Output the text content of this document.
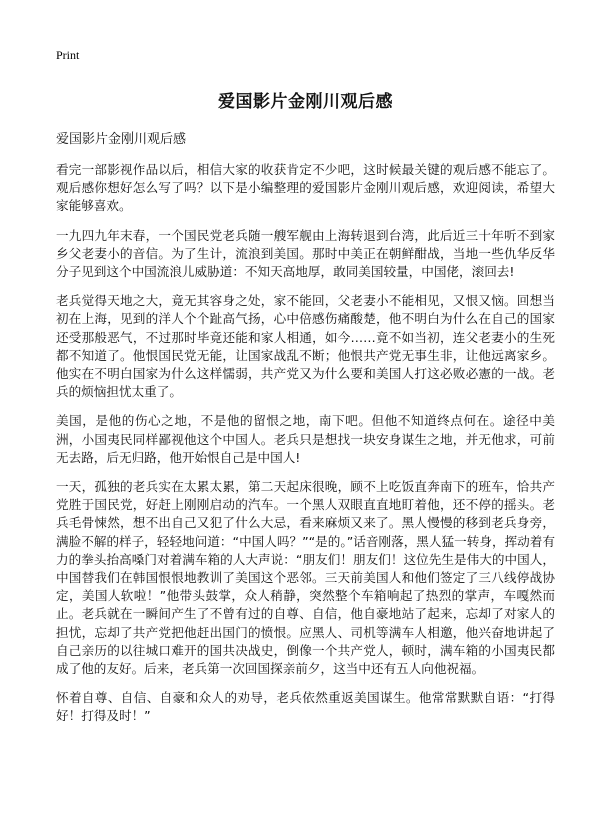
Print
爱国影片金刚川观后感
爱国影片金刚川观后感
看完一部影视作品以后，相信大家的收获肯定不少吧，这时候最关键的观后感不能忘了。观后感你想好怎么写了吗？以下是小编整理的爱国影片金刚川观后感，欢迎阅读，希望大家能够喜欢。
一九四九年末春，一个国民党老兵随一艘军舰由上海转退到台湾，此后近三十年听不到家乡父老妻小的音信。为了生计，流浪到美国。那时中美正在朝鲜酣战，当地一些仇华反华分子见到这个中国流浪儿威胁道：不知天高地厚，敢同美国较量，中国佬，滚回去!
老兵觉得天地之大，竟无其容身之处，家不能回，父老妻小不能相见，又恨又恼。回想当初在上海，见到的洋人个个趾高气扬，心中倍感伤痛酸楚，他不明白为什么在自己的国家还受那般恶气，不过那时毕竟还能和家人相通，如今……竟不如当初，连父老妻小的生死都不知道了。他恨国民党无能，让国家战乱不断；他恨共产党无事生非，让他远离家乡。他实在不明白国家为什么这样懦弱，共产党又为什么要和美国人打这必败必憲的一战。老兵的烦恼担忧太重了。
美国，是他的伤心之地，不是他的留恨之地，南下吧。但他不知道终点何在。途径中美洲，小国夷民同样鄙视他这个中国人。老兵只是想找一块安身谋生之地，并无他求，可前无去路，后无归路，他开始恨自己是中国人!
一天，孤独的老兵实在太累太累，第二天起床很晚，顾不上吃饭直奔南下的班车，恰共产党胜于国民党，好赶上刚刚启动的汽车。一个黑人双眼直直地盯着他，还不停的摇头。老兵毛骨悚然，想不出自己又犯了什么大忌，看来麻烦又来了。黑人慢慢的移到老兵身旁，满脸不解的样子，轻轻地问道：“中国人吗？”“是的。”话音刚落，黑人猛一转身，挥动着有力的拳头抬高嗓门对着满车箱的人大声说：“朋友们！朋友们！这位先生是伟大的中国人，中国替我们在韩国恨恨地教训了美国这个恶邻。三天前美国人和他们签定了三八线停战协定，美国人软啦！”他带头鼓掌，众人稍静，突然整个车箱响起了热烈的掌声，车嘎然而止。老兵就在一瞬间产生了不曾有过的自尊、自信，他自豪地站了起来，忘却了对家人的担忧，忘却了共产党把他赶出国门的愤恨。应黑人、司机等满车人相邀，他兴奋地讲起了自己亲历的以往城口难开的国共决战史，倒像一个共产党人，顿时，满车箱的小国夷民都成了他的友好。后来，老兵第一次回国探亲前夕，这当中还有五人向他祝福。
怀着自尊、自信、自豪和众人的劝导，老兵依然重返美国谋生。他常常默默自语：“打得好！打得及时！”
